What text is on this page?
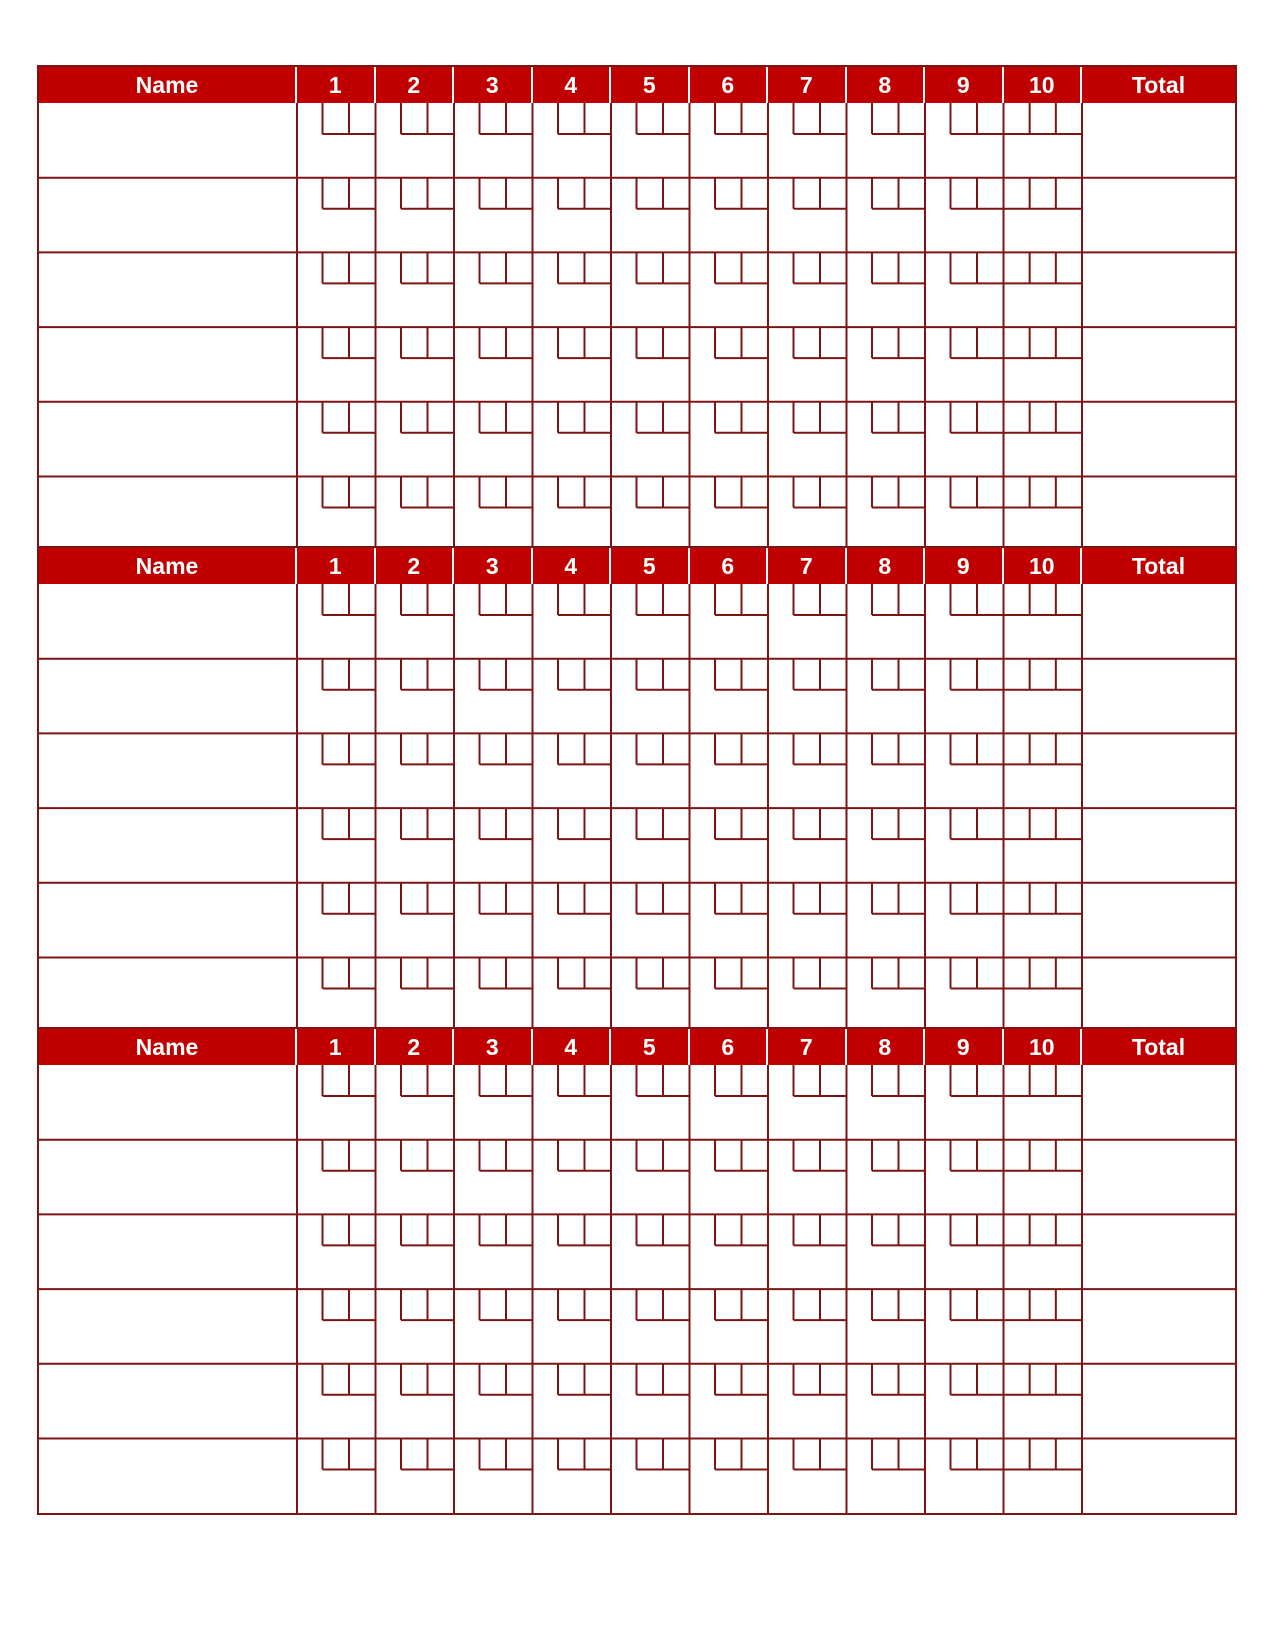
Name	1	2	3	4	5	6	7	8	9	10	Total
Name	1	2	3	4	5	6	7	8	9	10	Total
Name	1	2	3	4	5	6	7	8	9	10	Total
